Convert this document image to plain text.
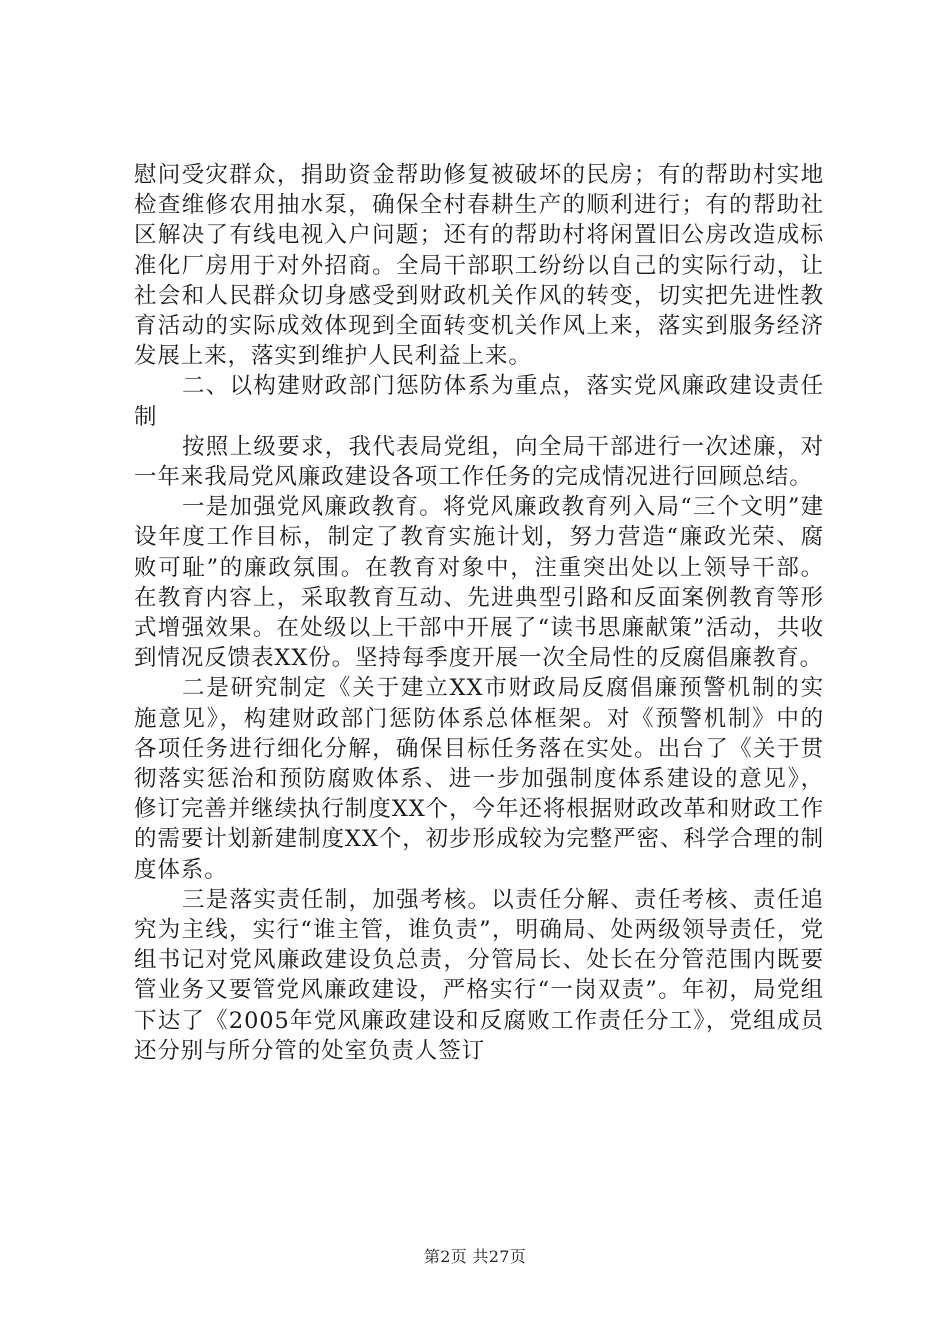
慰问受灾群众，捐助资金帮助修复被破坏的民房；有的帮助村实地检查维修农用抽水泵，确保全村春耕生产的顺利进行；有的帮助社区解决了有线电视入户问题；还有的帮助村将闲置旧公房改造成标准化厂房用于对外招商。全局干部职工纷纷以自己的实际行动，让社会和人民群众切身感受到财政机关作风的转变，切实把先进性教育活动的实际成效体现到全面转变机关作风上来，落实到服务经济发展上来，落实到维护人民利益上来。

二、以构建财政部门惩防体系为重点，落实党风廉政建设责任制

按照上级要求，我代表局党组，向全局干部进行一次述廉，对一年来我局党风廉政建设各项工作任务的完成情况进行回顾总结。

一是加强党风廉政教育。将党风廉政教育列入局“三个文明”建设年度工作目标，制定了教育实施计划，努力营造“廉政光荣、腐败可耻”的廉政氛围。在教育对象中，注重突出处以上领导干部。在教育内容上，采取教育互动、先进典型引路和反面案例教育等形式增强效果。在处级以上干部中开展了“读书思廉献策”活动，共收到情况反馈表XX份。坚持每季度开展一次全局性的反腐倡廉教育。

二是研究制定《关于建立XX市财政局反腐倡廉预警机制的实施意见》，构建财政部门惩防体系总体框架。对《预警机制》中的各项任务进行细化分解，确保目标任务落在实处。出台了《关于贯彻落实惩治和预防腐败体系、进一步加强制度体系建设的意见》，修订完善并继续执行制度XX个，今年还将根据财政改革和财政工作的需要计划新建制度XX个，初步形成较为完整严密、科学合理的制度体系。

三是落实责任制，加强考核。以责任分解、责任考核、责任追究为主线，实行“谁主管，谁负责”，明确局、处两级领导责任，党组书记对党风廉政建设负总责，分管局长、处长在分管范围内既要管业务又要管党风廉政建设，严格实行“一岗双责”。年初，局党组下达了《2005年党风廉政建设和反腐败工作责任分工》，党组成员还分别与所分管的处室负责人签订

第2页 共27页
